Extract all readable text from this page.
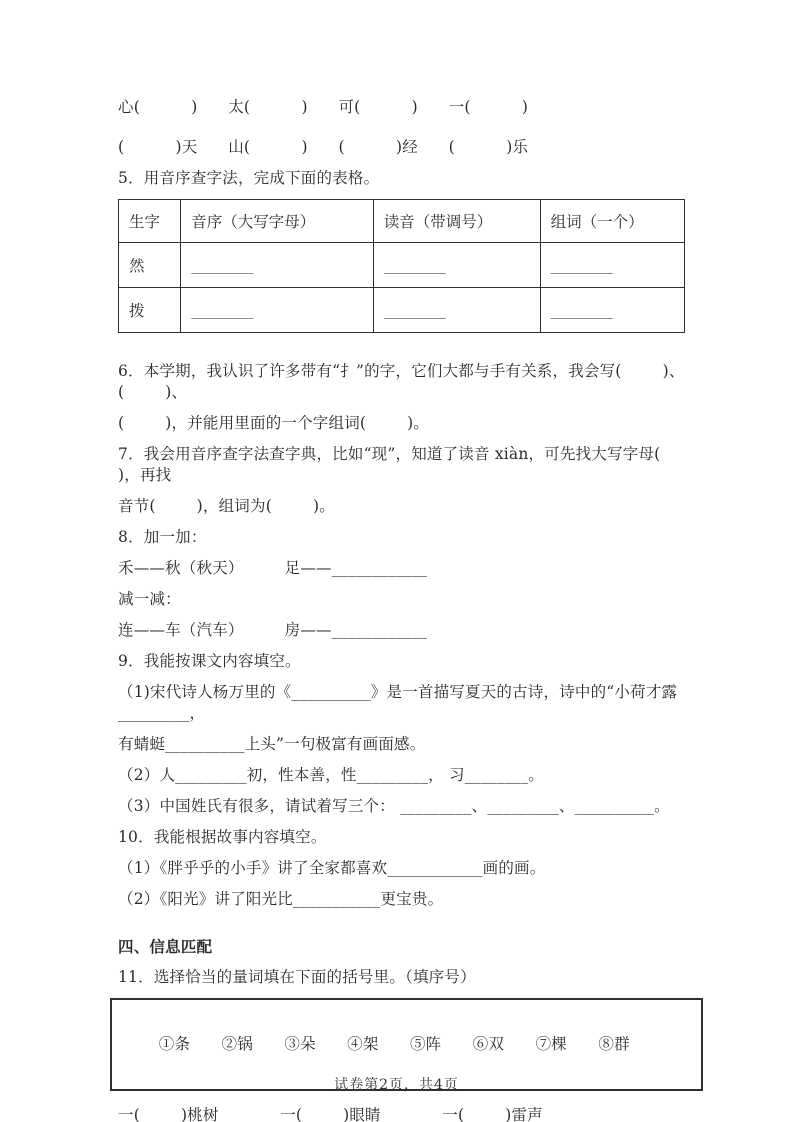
心(          )      太(          )      可(          )      一(          )
(          )天      山(          )      (          )经      (          )乐
5．用音序查字法，完成下面的表格。
生字	音序（大写字母）	读音（带调号）	组词（一个）
然	________	________	________
拨	________	________	________
6．本学期，我认识了许多带有“扌”的字，它们大都与手有关系，我会写(        )、(        )、
(        )，并能用里面的一个字组词(        )。
7．我会用音序查字法查字典，比如“现”，知道了读音 xiàn，可先找大写字母(        )，再找
音节(        )，组词为(        )。
8．加一加：
禾——秋（秋天）        足——____________
减一减：
连——车（汽车）        房——____________
9．我能按课文内容填空。
（1)宋代诗人杨万里的《__________》是一首描写夏天的古诗，诗中的“小荷才露_________，
有蜻蜓__________上头”一句极富有画面感。
（2）人_________初，性本善，性_________， 习________。
（3）中国姓氏有很多，请试着写三个： _________、_________、__________。
10．我能根据故事内容填空。
（1）《胖乎乎的小手》讲了全家都喜欢____________画的画。
（2）《阳光》讲了阳光比___________更宝贵。
四、信息匹配
11．选择恰当的量词填在下面的括号里。（填序号）

①条　　②锅　　③朵　　④架　　⑤阵　　⑥双　　⑦棵　　⑧群

一(        )桃树            一(        )眼睛            一(        )雷声
试卷第2页，共4页
